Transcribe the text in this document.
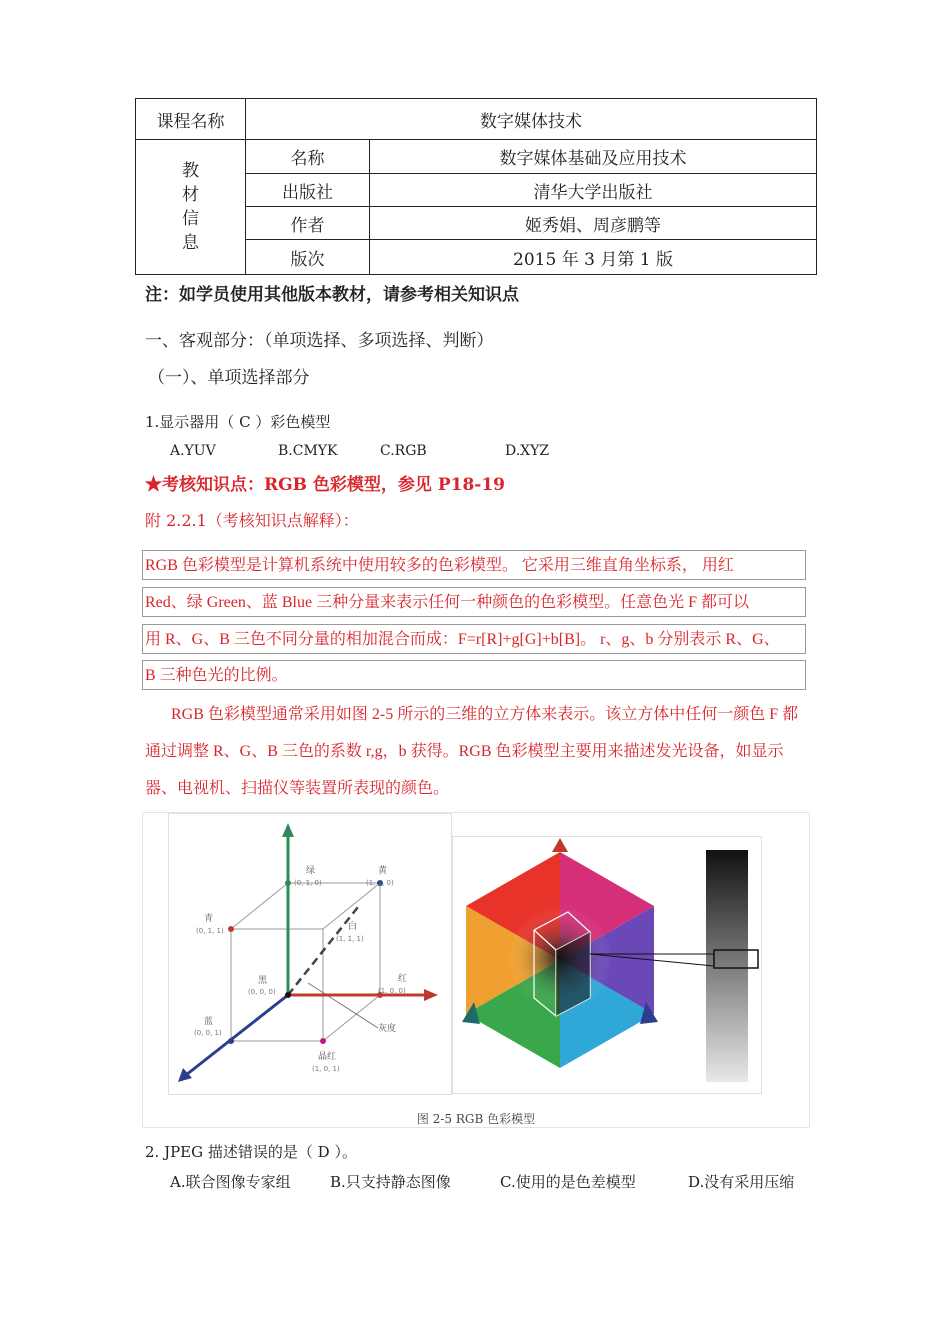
课程名称	数字媒体技术	

教
材
信
息	名称	数字媒体基础及应用技术
	出版社	清华大学出版社
	作者	姬秀娟、周彦鹏等
	版次	2015 年 3 月第 1 版
注：如学员使用其他版本教材，请参考相关知识点
一、客观部分：（单项选择、多项选择、判断）
（一）、单项选择部分
1.显示器用（ C ）彩色模型
A.YUV	B.CMYK	C.RGB	D.XYZ
★考核知识点：RGB 色彩模型，参见 P18-19
附 2.2.1（考核知识点解释）：
RGB 色彩模型是计算机系统中使用较多的色彩模型。 它采用三维直角坐标系， 用红
Red、绿 Green、蓝 Blue 三种分量来表示任何一种颜色的色彩模型。任意色光 F 都可以
用 R、G、B 三色不同分量的相加混合而成：F=r[R]+g[G]+b[B]。 r、g、b 分别表示 R、G、
B 三种色光的比例。
RGB 色彩模型通常采用如图 2-5 所示的三维的立方体来表示。该立方体中任何一颜色 F 都通过调整 R、G、B 三色的系数 r,g，b 获得。RGB 色彩模型主要用来描述发光设备，如显示器、电视机、扫描仪等装置所表现的颜色。
绿
(0, 1, 0)
黄
(1, 1, 0)
青
(0, 1, 1)	白
(1, 1, 1)
黑
(0, 0, 0)
红
(1, 0, 0)
蓝
(0, 0, 1)
晶红
(1, 0, 1)
灰度
图 2-5 RGB 色彩模型
2. JPEG 描述错误的是（ D ）。
A.联合图像专家组	B.只支持静态图像	C.使用的是色差模型	D.没有采用压缩
